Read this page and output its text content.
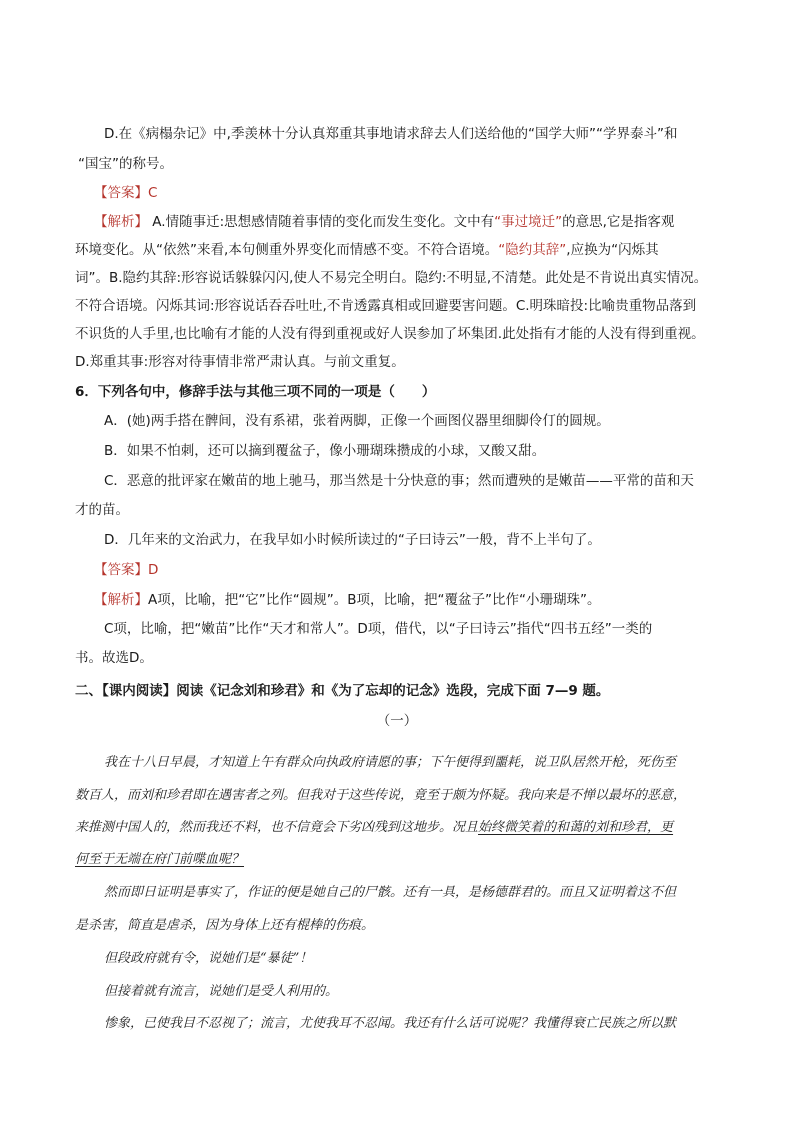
D.在《病榻杂记》中,季羡林十分认真郑重其事地请求辞去人们送给他的“国学大师”“学界泰斗”和

“国宝”的称号。

【答案】C

【解析】 A.情随事迁:思想感情随着事情的变化而发生变化。文中有“事过境迁”的意思,它是指客观

环境变化。从“依然”来看,本句侧重外界变化而情感不变。不符合语境。“隐约其辞”,应换为“闪烁其

词”。B.隐约其辞:形容说话躲躲闪闪,使人不易完全明白。隐约:不明显,不清楚。此处是不肯说出真实情况。

不符合语境。闪烁其词:形容说话吞吞吐吐,不肯透露真相或回避要害问题。C.明珠暗投:比喻贵重物品落到

不识货的人手里,也比喻有才能的人没有得到重视或好人误参加了坏集团.此处指有才能的人没有得到重视。

D.郑重其事:形容对待事情非常严肃认真。与前文重复。

6．下列各句中，修辞手法与其他三项不同的一项是（　　）

A．(她)两手搭在髀间，没有系裙，张着两脚，正像一个画图仪器里细脚伶仃的圆规。

B．如果不怕刺，还可以摘到覆盆子，像小珊瑚珠攒成的小球，又酸又甜。

C．恶意的批评家在嫩苗的地上驰马，那当然是十分快意的事；然而遭殃的是嫩苗——平常的苗和天

才的苗。

D．几年来的文治武力，在我早如小时候所读过的“子曰诗云”一般，背不上半句了。

【答案】D

【解析】A项，比喻，把“它”比作“圆规”。B项，比喻，把“覆盆子”比作“小珊瑚珠”。

C项，比喻，把“嫩苗”比作“天才和常人”。D项，借代，以“子曰诗云”指代“四书五经”一类的

书。故选D。

二、【课内阅读】阅读《记念刘和珍君》和《为了忘却的记念》选段，完成下面 7—9 题。

（一）

我在十八日早晨，才知道上午有群众向执政府请愿的事；下午便得到噩耗，说卫队居然开枪，死伤至

数百人，而刘和珍君即在遇害者之列。但我对于这些传说，竟至于颇为怀疑。我向来是不惮以最坏的恶意，

来推测中国人的，然而我还不料，也不信竟会下劣凶残到这地步。况且始终微笑着的和蔼的刘和珍君，更

何至于无端在府门前喋血呢？

然而即日证明是事实了，作证的便是她自己的尸骸。还有一具，是杨德群君的。而且又证明着这不但

是杀害，简直是虐杀，因为身体上还有棍棒的伤痕。

但段政府就有令，说她们是“暴徒”！

但接着就有流言，说她们是受人利用的。

惨象，已使我目不忍视了；流言，尤使我耳不忍闻。我还有什么话可说呢？我懂得衰亡民族之所以默
